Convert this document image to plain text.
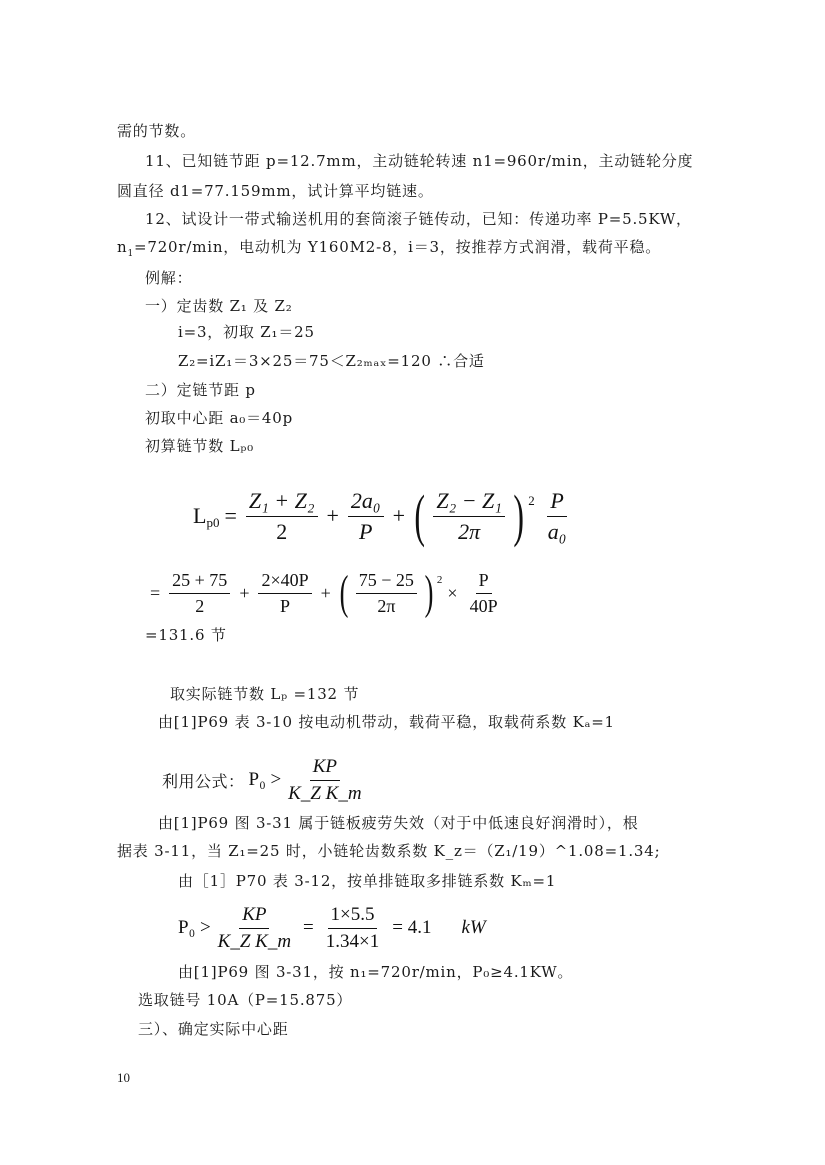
需的节数。
11、已知链节距 p=12.7mm，主动链轮转速 n1=960r/min，主动链轮分度
圆直径 d1=77.159mm，试计算平均链速。
12、试设计一带式输送机用的套筒滚子链传动，已知：传递功率 P=5.5KW，
$n_1=720r/\min$，电动机为 Y160M2-8，i＝3，按推荐方式润滑，载荷平稳。
例解：
一）定齿数 Z₁ 及 Z₂
i=3，初取 Z₁＝25
Z₂=iZ₁＝3×25＝75＜Z₂ₘₐₓ=120 ∴合适
二）定链节距 p
初取中心距 a₀＝40p
初算链节数 Lₚ₀
$L_{p0} = \frac{\text{Z₁ + Z₂}}{2} + \frac{\text{2a₀}}{P}$ + ( $\frac{\text{Z₂ − Z₁}}{2\pi}$ ) $^2 \frac{P}{\text{a₀}}$
= $\frac{25 + 75}{2} + \frac{2\times 40P}{P}$ + ( $\frac{75 - 25}{2\pi}$ ) $^2$
× $\frac{P}{40P}$
=131.6 节
取实际链节数 Lₚ =132 节
由[1]P69 表 3-10 按电动机带动，载荷平稳，取载荷系数 Kₐ=1
利用公式： $P_0 > \frac{KP}{\text{K\_Z K\_m}}$
由[1]P69 图 3-31 属于链板疲劳失效（对于中低速良好润滑时），根
据表 3-11，当 Z₁=25 时，小链轮齿数系数 K_z＝（Z₁/19）^1.08=1.34;
由［1］P70 表 3-12，按单排链取多排链系数 Kₘ=1
$P_0 > \frac{KP}{\text{K\_Z K\_m}} = \frac{1\times 5.5}{1.34\times 1} = 4.1$ kW
由[1]P69 图 3-31，按 n₁=720r/min，P₀≥4.1KW。
选取链号 10A（P=15.875）
三）、确定实际中心距
10
